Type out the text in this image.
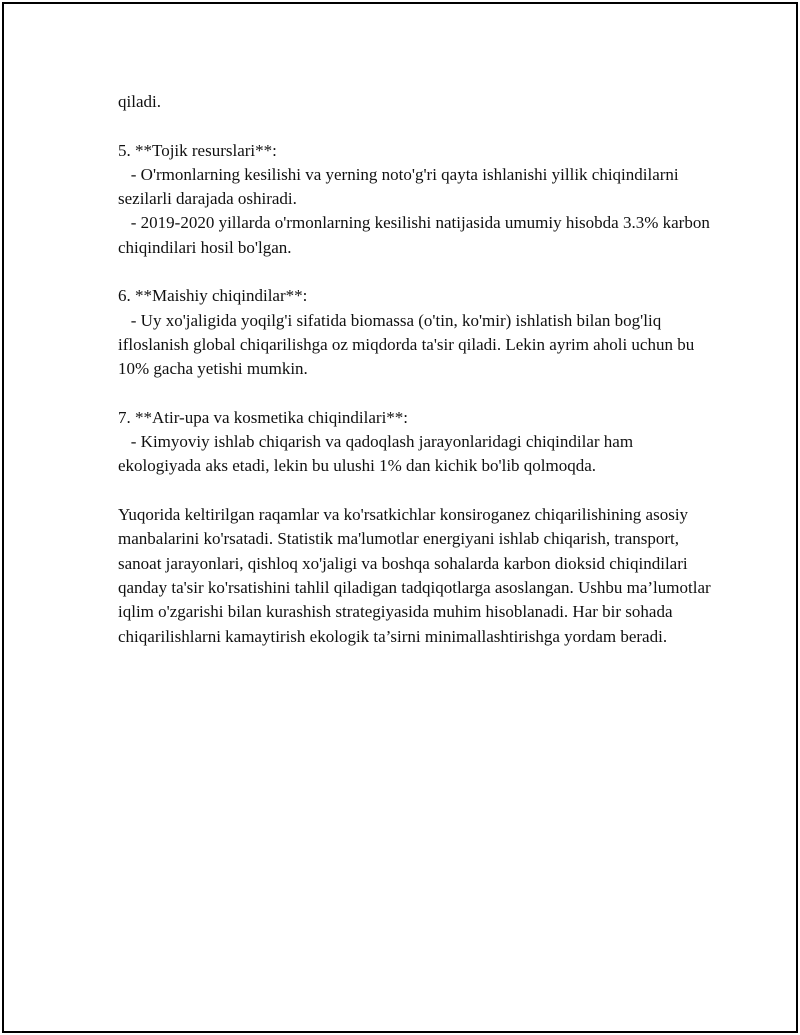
qiladi.

5. **Tojik resurslari**:

- O'rmonlarning kesilishi va yerning noto'g'ri qayta ishlanishi yillik chiqindilarni sezilarli darajada oshiradi.

- 2019-2020 yillarda o'rmonlarning kesilishi natijasida umumiy hisobda 3.3% karbon chiqindilari hosil bo'lgan.

6. **Maishiy chiqindilar**:

- Uy xo'jaligida yoqilg'i sifatida biomassa (o'tin, ko'mir) ishlatish bilan bog'liq ifloslanish global chiqarilishga oz miqdorda ta'sir qiladi. Lekin ayrim aholi uchun bu 10% gacha yetishi mumkin.

7. **Atir-upa va kosmetika chiqindilari**:

- Kimyoviy ishlab chiqarish va qadoqlash jarayonlaridagi chiqindilar ham ekologiyada aks etadi, lekin bu ulushi 1% dan kichik bo'lib qolmoqda.

Yuqorida keltirilgan raqamlar va ko'rsatkichlar konsiroganez chiqarilishining asosiy manbalarini ko'rsatadi. Statistik ma'lumotlar energiyani ishlab chiqarish, transport, sanoat jarayonlari, qishloq xo'jaligi va boshqa sohalarda karbon dioksid chiqindilari qanday ta'sir ko'rsatishini tahlil qiladigan tadqiqotlarga asoslangan. Ushbu ma’lumotlar iqlim o'zgarishi bilan kurashish strategiyasida muhim hisoblanadi. Har bir sohada chiqarilishlarni kamaytirish ekologik ta’sirni minimallashtirishga yordam beradi.
